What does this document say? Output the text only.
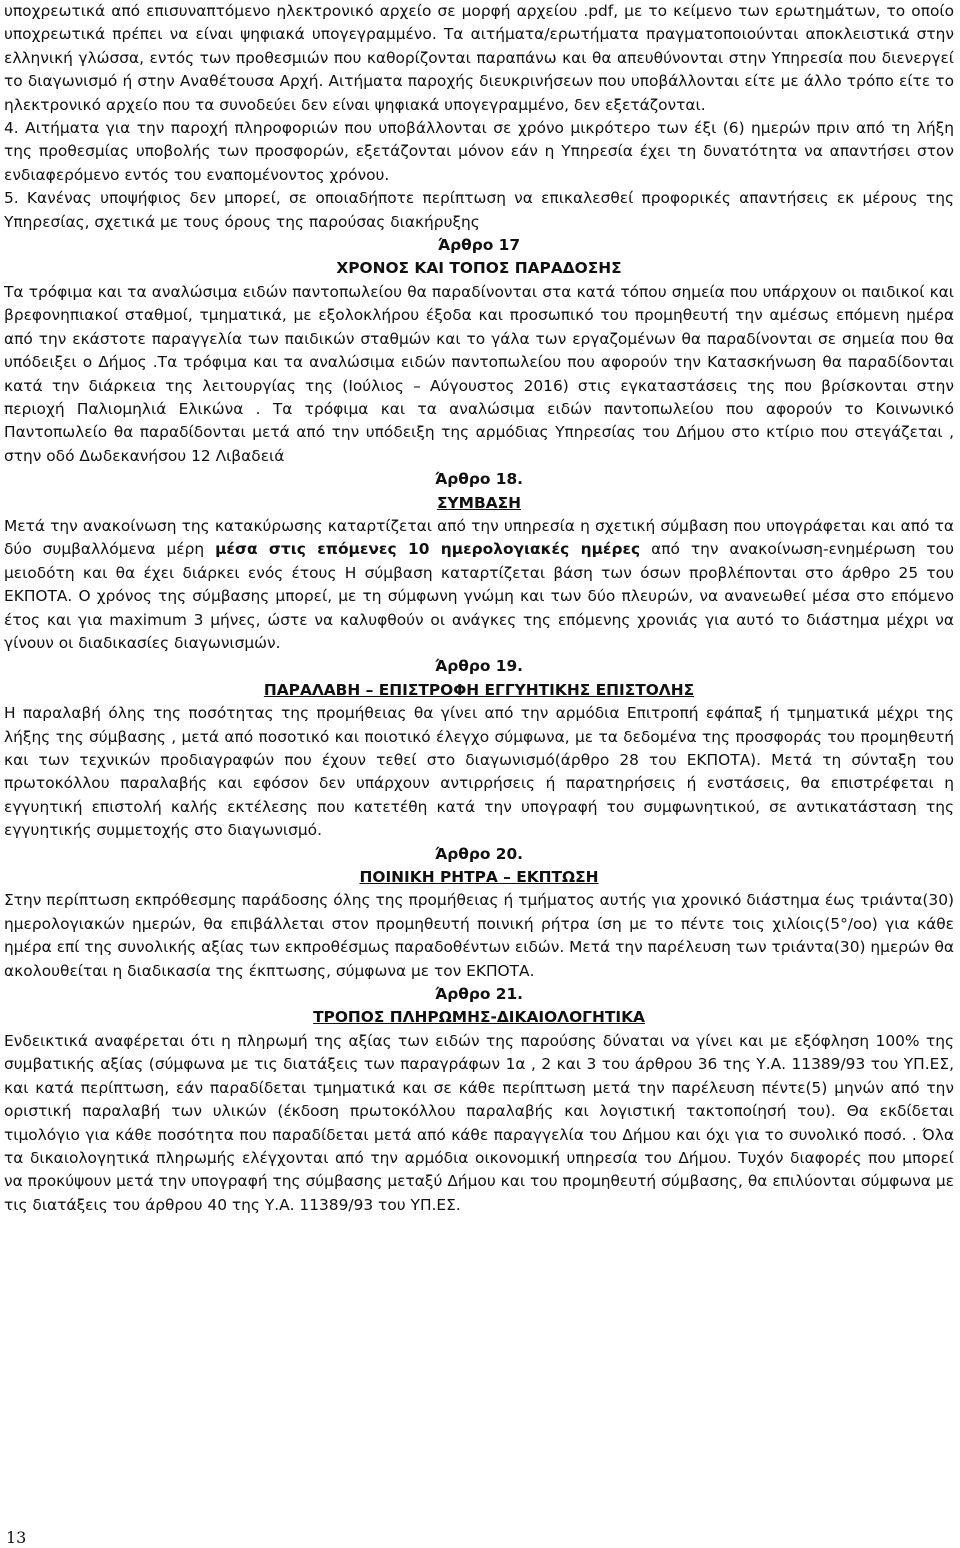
υποχρεωτικά από επισυναπτόμενο ηλεκτρονικό αρχείο σε μορφή αρχείου .pdf, με το κείμενο των ερωτημάτων, το οποίο υποχρεωτικά πρέπει να είναι ψηφιακά υπογεγραμμένο. Τα αιτήματα/ερωτήματα πραγματοποιούνται αποκλειστικά στην ελληνική γλώσσα, εντός των προθεσμιών που καθορίζονται παραπάνω και θα απευθύνονται στην Υπηρεσία που διενεργεί το διαγωνισμό ή στην Αναθέτουσα Αρχή. Αιτήματα παροχής διευκρινήσεων που υποβάλλονται είτε με άλλο τρόπο είτε το ηλεκτρονικό αρχείο που τα συνοδεύει δεν είναι ψηφιακά υπογεγραμμένο, δεν εξετάζονται.

4. Αιτήματα για την παροχή πληροφοριών που υποβάλλονται σε χρόνο μικρότερο των έξι (6) ημερών πριν από τη λήξη της προθεσμίας υποβολής των προσφορών, εξετάζονται μόνον εάν η Υπηρεσία έχει τη δυνατότητα να απαντήσει στον ενδιαφερόμενο εντός του εναπομένοντος χρόνου.

5. Κανένας υποψήφιος δεν μπορεί, σε οποιαδήποτε περίπτωση να επικαλεσθεί προφορικές απαντήσεις εκ μέρους της Υπηρεσίας, σχετικά με τους όρους της παρούσας διακήρυξης

Άρθρο 17

ΧΡΟΝΟΣ ΚΑΙ ΤΟΠΟΣ ΠΑΡΑΔΟΣΗΣ

Τα τρόφιμα και τα αναλώσιμα ειδών παντοπωλείου θα παραδίνονται στα κατά τόπου σημεία που υπάρχουν οι παιδικοί και βρεφονηπιακοί σταθμοί, τμηματικά, με εξολοκλήρου έξοδα και προσωπικό του προμηθευτή την αμέσως επόμενη ημέρα από την εκάστοτε παραγγελία των παιδικών σταθμών και το γάλα των εργαζομένων θα παραδίνονται σε σημεία που θα υπόδειξει ο Δήμος .Τα τρόφιμα και τα αναλώσιμα ειδών παντοπωλείου που αφορούν την Κατασκήνωση θα παραδίδονται κατά την διάρκεια της λειτουργίας της (Ιούλιος – Αύγουστος 2016) στις εγκαταστάσεις της που βρίσκονται στην περιοχή Παλιομηλιά Ελικώνα . Τα τρόφιμα και τα αναλώσιμα ειδών παντοπωλείου που αφορούν το Κοινωνικό Παντοπωλείο θα παραδίδονται μετά από την υπόδειξη της αρμόδιας Υπηρεσίας του Δήμου στο κτίριο που στεγάζεται , στην οδό Δωδεκανήσου 12 Λιβαδειά

Άρθρο 18.

ΣΥΜΒΑΣΗ

Μετά την ανακοίνωση της κατακύρωσης καταρτίζεται από την υπηρεσία η σχετική σύμβαση που υπογράφεται και από τα δύο συμβαλλόμενα μέρη μέσα στις επόμενες 10 ημερολογιακές ημέρες από την ανακοίνωση-ενημέρωση του μειοδότη και θα έχει διάρκει ενός έτους Η σύμβαση καταρτίζεται βάση των όσων προβλέπονται στο άρθρο 25 του ΕΚΠΟΤΑ. Ο χρόνος της σύμβασης μπορεί, με τη σύμφωνη γνώμη και των δύο πλευρών, να ανανεωθεί μέσα στο επόμενο έτος και για maximum 3 μήνες, ώστε να καλυφθούν οι ανάγκες της επόμενης χρονιάς για αυτό το διάστημα μέχρι να γίνουν οι διαδικασίες διαγωνισμών.

Άρθρο 19.

ΠΑΡΑΛΑΒΗ – ΕΠΙΣΤΡΟΦΗ ΕΓΓΥΗΤΙΚΗΣ ΕΠΙΣΤΟΛΗΣ

Η παραλαβή όλης της ποσότητας της προμήθειας θα γίνει από την αρμόδια Επιτροπή εφάπαξ ή τμηματικά μέχρι της λήξης της σύμβασης , μετά από ποσοτικό και ποιοτικό έλεγχο σύμφωνα, με τα δεδομένα της προσφοράς του προμηθευτή και των τεχνικών προδιαγραφών που έχουν τεθεί στο διαγωνισμό(άρθρο 28 του ΕΚΠΟΤΑ). Μετά τη σύνταξη του πρωτοκόλλου παραλαβής και εφόσον δεν υπάρχουν αντιρρήσεις ή παρατηρήσεις ή ενστάσεις, θα επιστρέφεται η εγγυητική επιστολή καλής εκτέλεσης που κατετέθη κατά την υπογραφή του συμφωνητικού, σε αντικατάσταση της εγγυητικής συμμετοχής στο διαγωνισμό.

Άρθρο 20.

ΠΟΙΝΙΚΗ ΡΗΤΡΑ – ΕΚΠΤΩΣΗ

Στην περίπτωση εκπρόθεσμης παράδοσης όλης της προμήθειας ή τμήματος αυτής για χρονικό διάστημα έως τριάντα(30) ημερολογιακών ημερών, θα επιβάλλεται στον προμηθευτή ποινική ρήτρα ίση με το πέντε τοις χιλίοις(5°/οο) για κάθε ημέρα επί της συνολικής αξίας των εκπροθέσμως παραδοθέντων ειδών. Μετά την παρέλευση των τριάντα(30) ημερών θα ακολουθείται η διαδικασία της έκπτωσης, σύμφωνα με τον ΕΚΠΟΤΑ.

Άρθρο 21.

ΤΡΟΠΟΣ ΠΛΗΡΩΜΗΣ-ΔΙΚΑΙΟΛΟΓΗΤΙΚΑ

Ενδεικτικά αναφέρεται ότι η πληρωμή της αξίας των ειδών της παρούσης δύναται να γίνει και με εξόφληση 100% της συμβατικής αξίας (σύμφωνα με τις διατάξεις των παραγράφων 1α , 2 και 3 του άρθρου 36 της Υ.Α. 11389/93 του ΥΠ.ΕΣ, και κατά περίπτωση, εάν παραδίδεται τμηματικά και σε κάθε περίπτωση μετά την παρέλευση πέντε(5) μηνών από την οριστική παραλαβή των υλικών (έκδοση πρωτοκόλλου παραλαβής και λογιστική τακτοποίησή του). Θα εκδίδεται τιμολόγιο για κάθε ποσότητα που παραδίδεται μετά από κάθε παραγγελία του Δήμου και όχι για το συνολικό ποσό. . Όλα τα δικαιολογητικά πληρωμής ελέγχονται από την αρμόδια οικονομική υπηρεσία του Δήμου. Τυχόν διαφορές που μπορεί να προκύψουν μετά την υπογραφή της σύμβασης μεταξύ Δήμου και του προμηθευτή σύμβασης, θα επιλύονται σύμφωνα με τις διατάξεις του άρθρου 40 της Υ.Α. 11389/93 του ΥΠ.ΕΣ.

13
